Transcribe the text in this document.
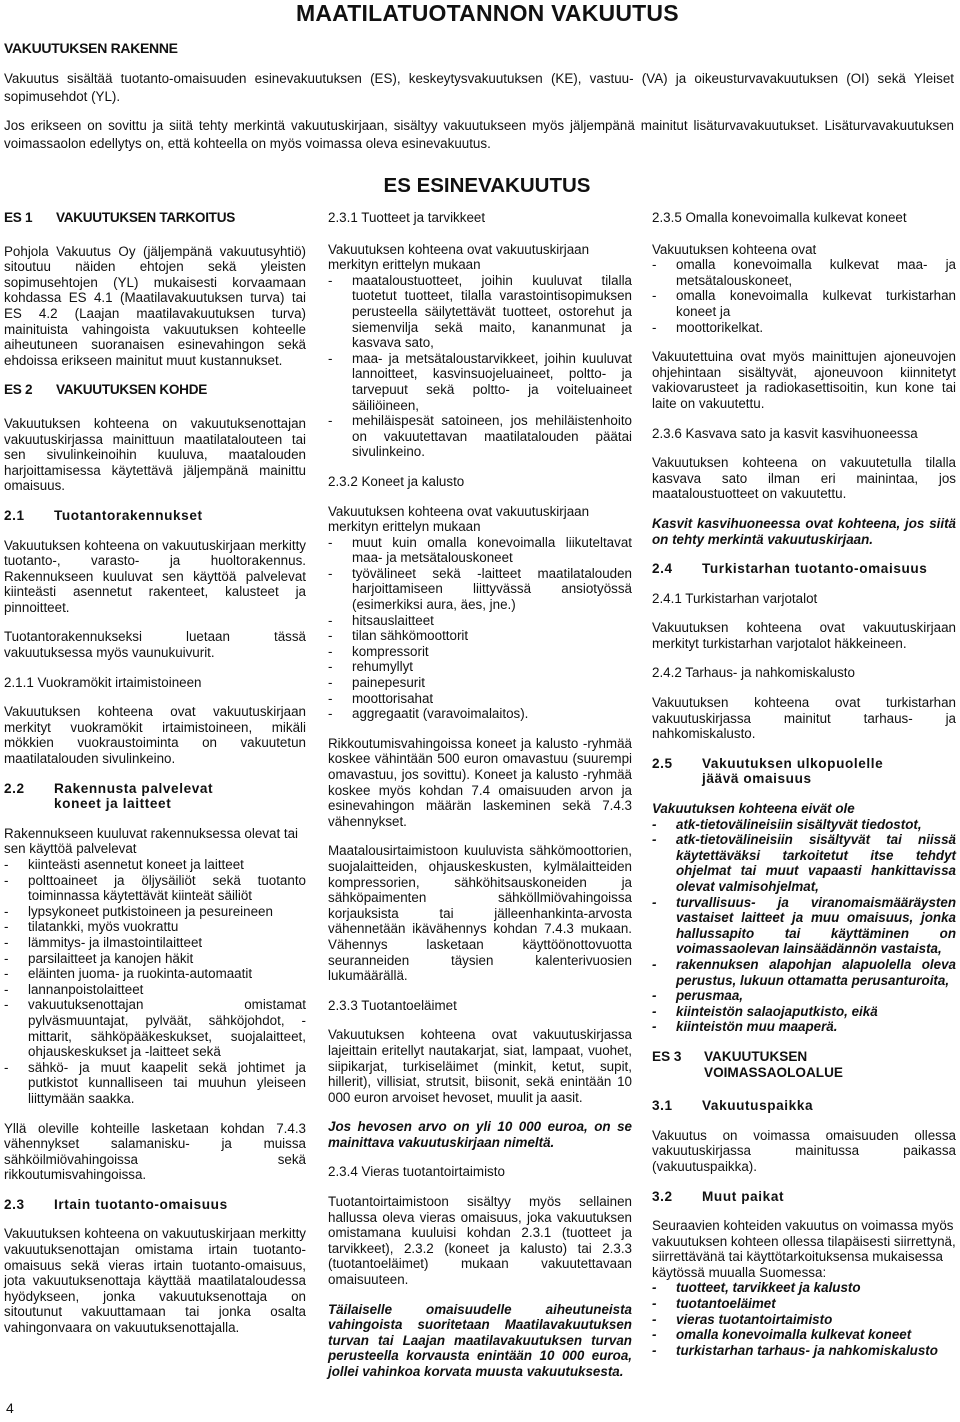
MAATILATUOTANNON VAKUUTUS
VAKUUTUKSEN RAKENNE

Vakuutus sisältää tuotanto-omaisuuden esinevakuutuksen (ES), keskeytysvakuutuksen (KE), vastuu- (VA) ja oikeusturvavakuutuksen (OI) sekä Yleiset sopimusehdot (YL).

Jos erikseen on sovittu ja siitä tehty merkintä vakuutuskirjaan, sisältyy vakuutukseen myös jäljempänä mainitut lisäturvavakuutukset. Lisäturvavakuutuksen voimassaolon edellytys on, että kohteella on myös voimassa oleva esinevakuutus.

ES ESINEVAKUUTUS
ES 1	VAKUUTUKSEN TARKOITUS

Pohjola Vakuutus Oy (jäljempänä vakuutusyhtiö) sitoutuu näiden ehtojen sekä yleisten sopimusehtojen (YL) mukaisesti korvaamaan kohdassa ES 4.1 (Maatilavakuutuksen turva) tai ES 4.2 (Laajan maatilavakuutuksen turva) mainituista vahingoista vakuutuksen kohteelle aiheutuneen suoranaisen esinevahingon sekä ehdoissa erikseen mainitut muut kustannukset.

ES 2	VAKUUTUKSEN KOHDE

Vakuutuksen kohteena on vakuutuksenottajan vakuutuskirjassa mainittuun maatilatalouteen tai sen sivulinkeinoihin kuuluva, maatalouden harjoittamisessa käytettävä jäljempänä mainittu omaisuus.

2.1	Tuotantorakennukset

Vakuutuksen kohteena on vakuutuskirjaan merkitty tuotanto-, varasto- ja huoltorakennus. Rakennukseen kuuluvat sen käyttöä palvelevat kiinteästi asennetut rakenteet, kalusteet ja pinnoitteet.

Tuotantorakennukseksi luetaan tässä vakuutuksessa myös vaunukuivurit.

2.1.1 Vuokramökit irtaimistoineen

Vakuutuksen kohteena ovat vakuutuskirjaan merkityt vuokramökit irtaimistoineen, mikäli mökkien vuokraustoiminta on vakuutetun maatilatalouden sivulinkeino.

2.2	Rakennusta palvelevat
koneet ja laitteet

Rakennukseen kuuluvat rakennuksessa olevat tai sen käyttöä palvelevat

- kiinteästi asennetut koneet ja laitteet
- polttoaineet ja öljysäiliöt sekä tuotanto toiminnassa käytettävät kiinteät säiliöt
- lypsykoneet putkistoineen ja pesureineen
- tilatankki, myös vuokrattu
- lämmitys- ja ilmastointilaitteet
- parsilaitteet ja kanojen häkit
- eläinten juoma- ja ruokinta-automaatit
- lannanpoistolaitteet
- vakuutuksenottajan omistamat pylväsmuuntajat, pylväät, sähköjohdot, -mittarit, sähköpääkeskukset, suojalaitteet, ohjauskeskukset ja -laitteet sekä
- sähkö- ja muut kaapelit sekä johtimet ja putkistot kunnalliseen tai muuhun yleiseen liittymään saakka.

Yllä oleville kohteille lasketaan kohdan 7.4.3 vähennykset salamanisku- ja muissa sähköilmiövahingoissa sekä rikkoutumisvahingoissa.

2.3	Irtain tuotanto-omaisuus

Vakuutuksen kohteena on vakuutuskirjaan merkitty vakuutuksenottajan omistama irtain tuotanto-omaisuus sekä vieras irtain tuotanto-omaisuus, jota vakuutuksenottaja käyttää maatilataloudessa hyödykseen, jonka vakuutuksenottaja on sitoutunut vakuuttamaan tai jonka osalta vahingonvaara on vakuutuksenottajalla.

2.3.1 Tuotteet ja tarvikkeet

Vakuutuksen kohteena ovat vakuutuskirjaan merkityn erittelyn mukaan

- maataloustuotteet, joihin kuuluvat tilalla tuotetut tuotteet, tilalla varastointisopimuksen perusteella säilytettävät tuotteet, ostorehut ja siemenvilja sekä maito, kananmunat ja kasvava sato,
- maa- ja metsätaloustarvikkeet, joihin kuuluvat lannoitteet, kasvinsuojeluaineet, poltto- ja tarvepuut sekä poltto- ja voiteluaineet säiliöineen,
- mehiläispesät satoineen, jos mehiläistenhoito on vakuutettavan maatilatalouden päätai sivulinkeino.

2.3.2 Koneet ja kalusto

Vakuutuksen kohteena ovat vakuutuskirjaan merkityn erittelyn mukaan

- muut kuin omalla konevoimalla liikuteltavat maa- ja metsätalouskoneet
- työvälineet sekä -laitteet maatilatalouden harjoittamiseen liittyvässä ansiotyössä (esimerkiksi aura, äes, jne.)
- hitsauslaitteet
- tilan sähkömoottorit
- kompressorit
- rehumyllyt
- painepesurit
- moottorisahat
- aggregaatit (varavoimalaitos).

Rikkoutumisvahingoissa koneet ja kalusto -ryhmää koskee vähintään 500 euron omavastuu (suurempi omavastuu, jos sovittu). Koneet ja kalusto -ryhmää koskee myös kohdan 7.4 omaisuuden arvon ja esinevahingon määrän laskeminen sekä 7.4.3 vähennykset.

Maatalousirtaimistoon kuuluvista sähkömoottorien, suojalaitteiden, ohjauskeskusten, kylmälaitteiden kompressorien, sähköhitsauskoneiden ja sähköpaimenten sähköllmiövahingoissa korjauksista tai jälleenhankinta-arvosta vähennetään ikävähennys kohdan 7.4.3 mukaan. Vähennys lasketaan käyttöönottovuotta seuranneiden täysien kalenterivuosien lukumäärällä.

2.3.3 Tuotantoeläimet

Vakuutuksen kohteena ovat vakuutuskirjassa lajeittain eritellyt nautakarjat, siat, lampaat, vuohet, siipikarjat, turkiseläimet (minkit, ketut, supit, hillerit), villisiat, strutsit, biisonit, sekä enintään 10 000 euron arvoiset hevoset, muulit ja aasit.

Jos hevosen arvo on yli 10 000 euroa, on se mainittava vakuutuskirjaan nimeltä.

2.3.4 Vieras tuotantoirtaimisto

Tuotantoirtaimistoon sisältyy myös sellainen hallussa oleva vieras omaisuus, joka vakuutuksen omistamana kuuluisi kohdan 2.3.1 (tuotteet ja tarvikkeet), 2.3.2 (koneet ja kalusto) tai 2.3.3 (tuotantoeläimet) mukaan vakuutettavaan omaisuuteen.

Täilaiselle omaisuudelle aiheutuneista vahingoista suoritetaan Maatilavakuutuksen turvan tai Laajan maatilavakuutuksen turvan perusteella korvausta enintään 10 000 euroa, jollei vahinkoa korvata muusta vakuutuksesta.

2.3.5 Omalla konevoimalla kulkevat koneet

Vakuutuksen kohteena ovat

- omalla konevoimalla kulkevat maa- ja metsätalouskoneet,
- omalla konevoimalla kulkevat turkistarhan koneet ja
- moottorikelkat.

Vakuutettuina ovat myös mainittujen ajoneuvojen ohjehintaan sisältyvät, ajoneuvoon kiinnitetyt vakiovarusteet ja radiokasettisoitin, kun kone tai laite on vakuutettu.

2.3.6 Kasvava sato ja kasvit kasvihuoneessa

Vakuutuksen kohteena on vakuutetulla tilalla kasvava sato ilman eri mainintaa, jos maataloustuotteet on vakuutettu.

Kasvit kasvihuoneessa ovat kohteena, jos siitä on tehty merkintä vakuutuskirjaan.

2.4	Turkistarhan tuotanto-omaisuus

2.4.1 Turkistarhan varjotalot

Vakuutuksen kohteena ovat vakuutuskirjaan merkityt turkistarhan varjotalot häkkeineen.

2.4.2 Tarhaus- ja nahkomiskalusto

Vakuutuksen kohteena ovat turkistarhan vakuutuskirjassa mainitut tarhaus- ja nahkomiskalusto.

2.5	Vakuutuksen ulkopuolelle
jäävä omaisuus

Vakuutuksen kohteena eivät ole

- atk-tietovälineisiin sisältyvät tiedostot,
- atk-tietovälineisiin sisältyvät tai niissä käytettäväksi tarkoitetut itse tehdyt ohjelmat tai muut vapaasti hankittavissa olevat valmisohjelmat,
- turvallisuus- ja viranomaismääräysten vastaiset laitteet ja muu omaisuus, jonka hallussapito tai käyttäminen on voimassaolevan lainsäädännön vastaista,
- rakennuksen alapohjan alapuolella oleva perustus, lukuun ottamatta perusanturoita,
- perusmaa,
- kiinteistön salaojaputkisto, eikä
- kiinteistön muu maaperä.
ES 3	VAKUUTUKSEN
VOIMASSAOLOALUE
3.1	Vakuutuspaikka

Vakuutus on voimassa omaisuuden ollessa vakuutuskirjassa mainitussa paikassa (vakuutuspaikka).

3.2	Muut paikat

Seuraavien kohteiden vakuutus on voimassa myös vakuutuksen kohteen ollessa tilapäisesti siirrettynä, siirrettävänä tai käyttötarkoituksensa mukaisessa käytössä muualla Suomessa:

- tuotteet, tarvikkeet ja kalusto
- tuotantoeläimet
- vieras tuotantoirtaimisto
- omalla konevoimalla kulkevat koneet
- turkistarhan tarhaus- ja nahkomiskalusto
4
